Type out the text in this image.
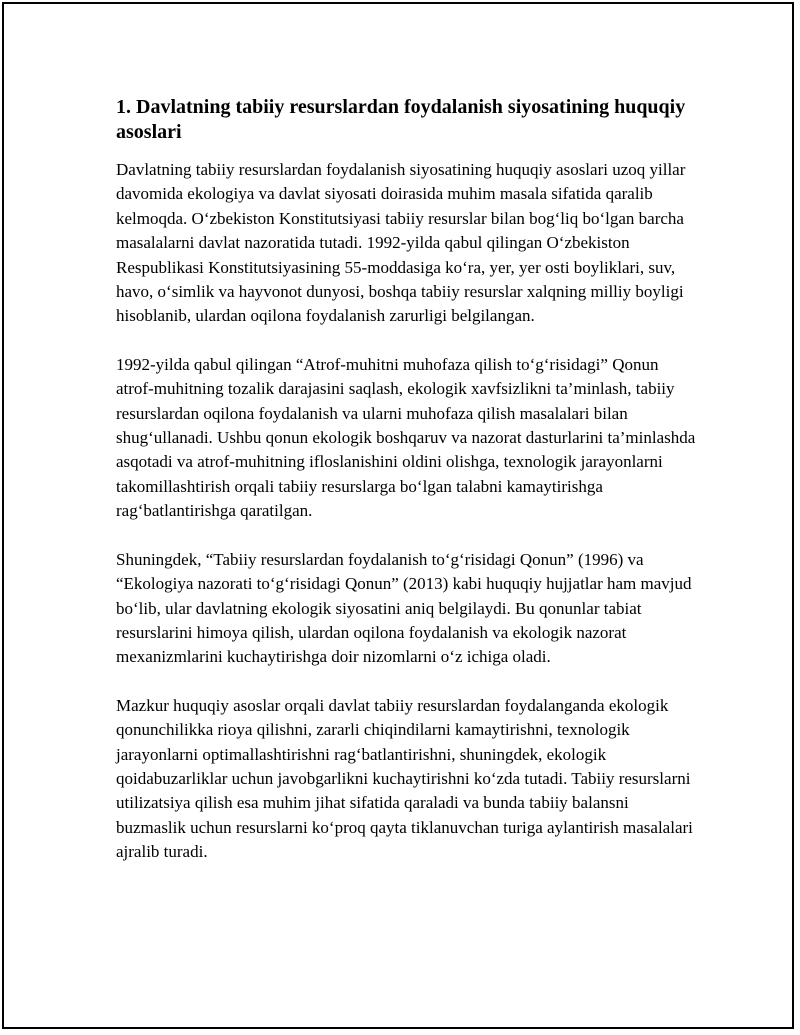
1. Davlatning tabiiy resurslardan foydalanish siyosatining huquqiy asoslari

Davlatning tabiiy resurslardan foydalanish siyosatining huquqiy asoslari uzoq yillar davomida ekologiya va davlat siyosati doirasida muhim masala sifatida qaralib kelmoqda. O‘zbekiston Konstitutsiyasi tabiiy resurslar bilan bog‘liq bo‘lgan barcha masalalarni davlat nazoratida tutadi. 1992-yilda qabul qilingan O‘zbekiston Respublikasi Konstitutsiyasining 55-moddasiga ko‘ra, yer, yer osti boyliklari, suv, havo, o‘simlik va hayvonot dunyosi, boshqa tabiiy resurslar xalqning milliy boyligi hisoblanib, ulardan oqilona foydalanish zarurligi belgilangan.

1992-yilda qabul qilingan “Atrof-muhitni muhofaza qilish to‘g‘risidagi” Qonun atrof-muhitning tozalik darajasini saqlash, ekologik xavfsizlikni ta’minlash, tabiiy resurslardan oqilona foydalanish va ularni muhofaza qilish masalalari bilan shug‘ullanadi. Ushbu qonun ekologik boshqaruv va nazorat dasturlarini ta’minlashda asqotadi va atrof-muhitning ifloslanishini oldini olishga, texnologik jarayonlarni takomillashtirish orqali tabiiy resurslarga bo‘lgan talabni kamaytirishga rag‘batlantirishga qaratilgan.

Shuningdek, “Tabiiy resurslardan foydalanish to‘g‘risidagi Qonun” (1996) va “Ekologiya nazorati to‘g‘risidagi Qonun” (2013) kabi huquqiy hujjatlar ham mavjud bo‘lib, ular davlatning ekologik siyosatini aniq belgilaydi. Bu qonunlar tabiat resurslarini himoya qilish, ulardan oqilona foydalanish va ekologik nazorat mexanizmlarini kuchaytirishga doir nizomlarni o‘z ichiga oladi.

Mazkur huquqiy asoslar orqali davlat tabiiy resurslardan foydalanganda ekologik qonunchilikka rioya qilishni, zararli chiqindilarni kamaytirishni, texnologik jarayonlarni optimallashtirishni rag‘batlantirishni, shuningdek, ekologik qoidabuzarliklar uchun javobgarlikni kuchaytirishni ko‘zda tutadi. Tabiiy resurslarni utilizatsiya qilish esa muhim jihat sifatida qaraladi va bunda tabiiy balansni buzmaslik uchun resurslarni ko‘proq qayta tiklanuvchan turiga aylantirish masalalari ajralib turadi.
